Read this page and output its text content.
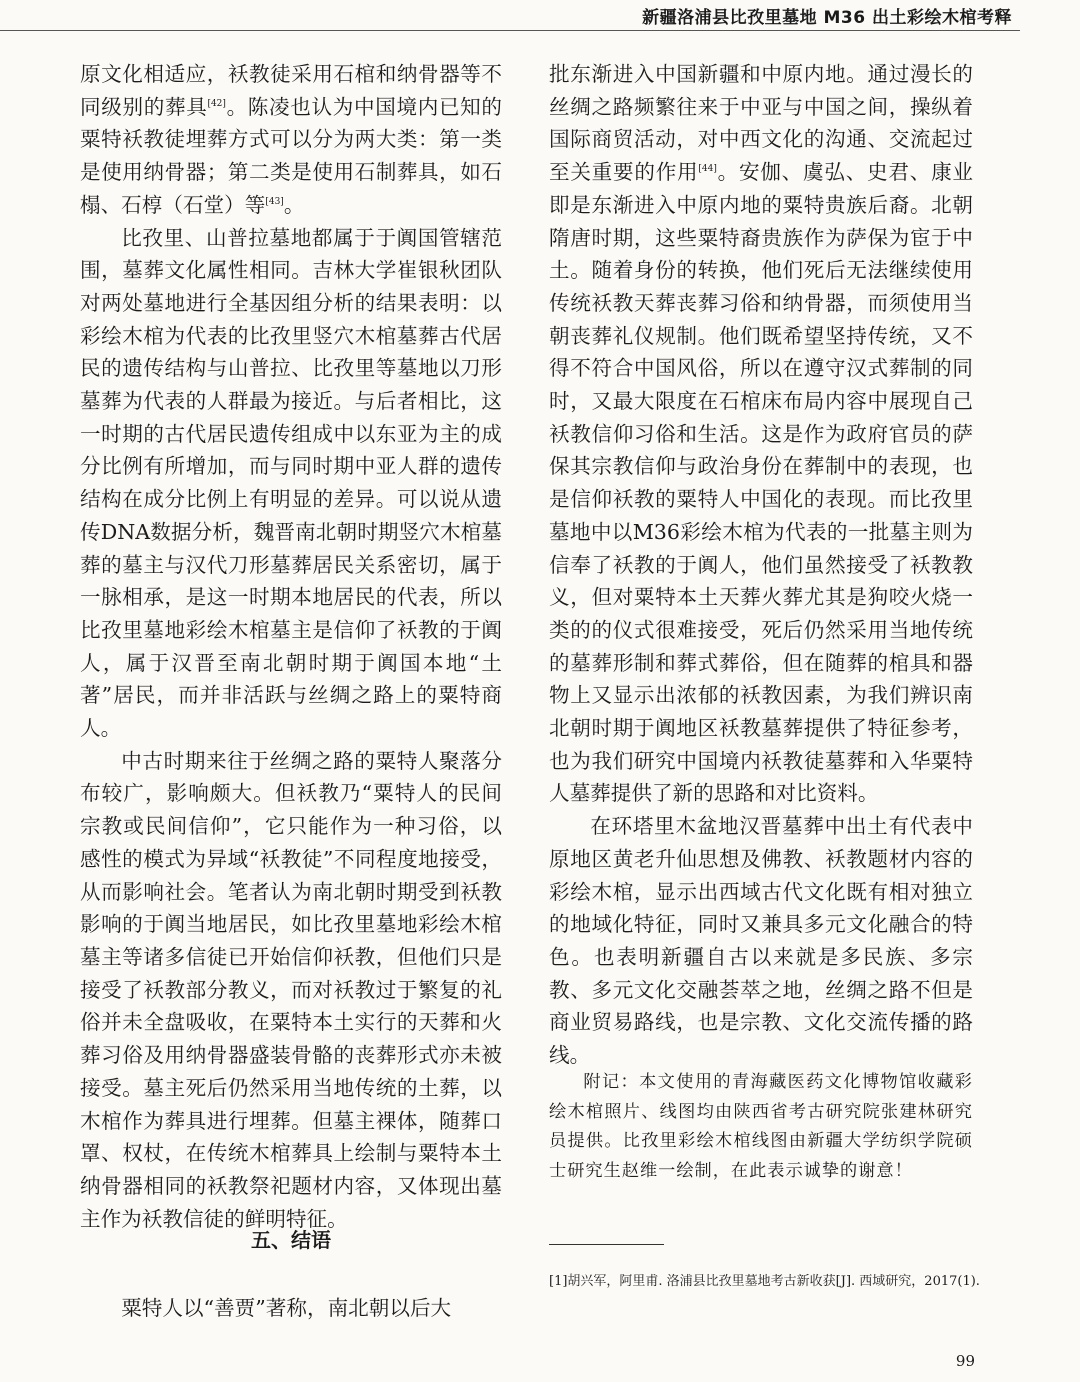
新疆洛浦县比孜里墓地 M36 出土彩绘木棺考释

原文化相适应，袄教徒采用石棺和纳骨器等不同级别的葬具[42]。陈凌也认为中国境内已知的粟特袄教徒埋葬方式可以分为两大类：第一类是使用纳骨器；第二类是使用石制葬具，如石榻、石椁（石堂）等[43]。

比孜里、山普拉墓地都属于于阗国管辖范围，墓葬文化属性相同。吉林大学崔银秋团队对两处墓地进行全基因组分析的结果表明：以彩绘木棺为代表的比孜里竖穴木棺墓葬古代居民的遗传结构与山普拉、比孜里等墓地以刀形墓葬为代表的人群最为接近。与后者相比，这一时期的古代居民遗传组成中以东亚为主的成分比例有所增加，而与同时期中亚人群的遗传结构在成分比例上有明显的差异。可以说从遗传DNA数据分析，魏晋南北朝时期竖穴木棺墓葬的墓主与汉代刀形墓葬居民关系密切，属于一脉相承，是这一时期本地居民的代表，所以比孜里墓地彩绘木棺墓主是信仰了袄教的于阗人，属于汉晋至南北朝时期于阗国本地“土著”居民，而并非活跃与丝绸之路上的粟特商人。

中古时期来往于丝绸之路的粟特人聚落分布较广，影响颇大。但袄教乃“粟特人的民间宗教或民间信仰”，它只能作为一种习俗，以感性的模式为异域“袄教徒”不同程度地接受，从而影响社会。笔者认为南北朝时期受到袄教影响的于阗当地居民，如比孜里墓地彩绘木棺墓主等诸多信徒已开始信仰袄教，但他们只是接受了袄教部分教义，而对袄教过于繁复的礼俗并未全盘吸收，在粟特本土实行的天葬和火葬习俗及用纳骨器盛装骨骼的丧葬形式亦未被接受。墓主死后仍然采用当地传统的土葬，以木棺作为葬具进行埋葬。但墓主裸体，随葬口罩、权杖，在传统木棺葬具上绘制与粟特本土纳骨器相同的袄教祭祀题材内容，又体现出墓主作为袄教信徒的鲜明特征。

五、结语

粟特人以“善贾”著称，南北朝以后大

批东渐进入中国新疆和中原内地。通过漫长的丝绸之路频繁往来于中亚与中国之间，操纵着国际商贸活动，对中西文化的沟通、交流起过至关重要的作用[44]。安伽、虞弘、史君、康业即是东渐进入中原内地的粟特贵族后裔。北朝隋唐时期，这些粟特裔贵族作为萨保为宦于中土。随着身份的转换，他们死后无法继续使用传统袄教天葬丧葬习俗和纳骨器，而须使用当朝丧葬礼仪规制。他们既希望坚持传统，又不得不符合中国风俗，所以在遵守汉式葬制的同时，又最大限度在石棺床布局内容中展现自己袄教信仰习俗和生活。这是作为政府官员的萨保其宗教信仰与政治身份在葬制中的表现，也是信仰袄教的粟特人中国化的表现。而比孜里墓地中以M36彩绘木棺为代表的一批墓主则为信奉了袄教的于阗人，他们虽然接受了袄教教义，但对粟特本土天葬火葬尤其是狗咬火烧一类的的仪式很难接受，死后仍然采用当地传统的墓葬形制和葬式葬俗，但在随葬的棺具和器物上又显示出浓郁的袄教因素，为我们辨识南北朝时期于阗地区袄教墓葬提供了特征参考，也为我们研究中国境内袄教徒墓葬和入华粟特人墓葬提供了新的思路和对比资料。

在环塔里木盆地汉晋墓葬中出土有代表中原地区黄老升仙思想及佛教、袄教题材内容的彩绘木棺，显示出西域古代文化既有相对独立的地域化特征，同时又兼具多元文化融合的特色。也表明新疆自古以来就是多民族、多宗教、多元文化交融荟萃之地，丝绸之路不但是商业贸易路线，也是宗教、文化交流传播的路线。

附记：本文使用的青海藏医药文化博物馆收藏彩绘木棺照片、线图均由陕西省考古研究院张建林研究员提供。比孜里彩绘木棺线图由新疆大学纺织学院硕士研究生赵维一绘制，在此表示诚挚的谢意！

[1]胡兴军，阿里甫. 洛浦县比孜里墓地考古新收获[J]. 西域研究，2017(1).

99
